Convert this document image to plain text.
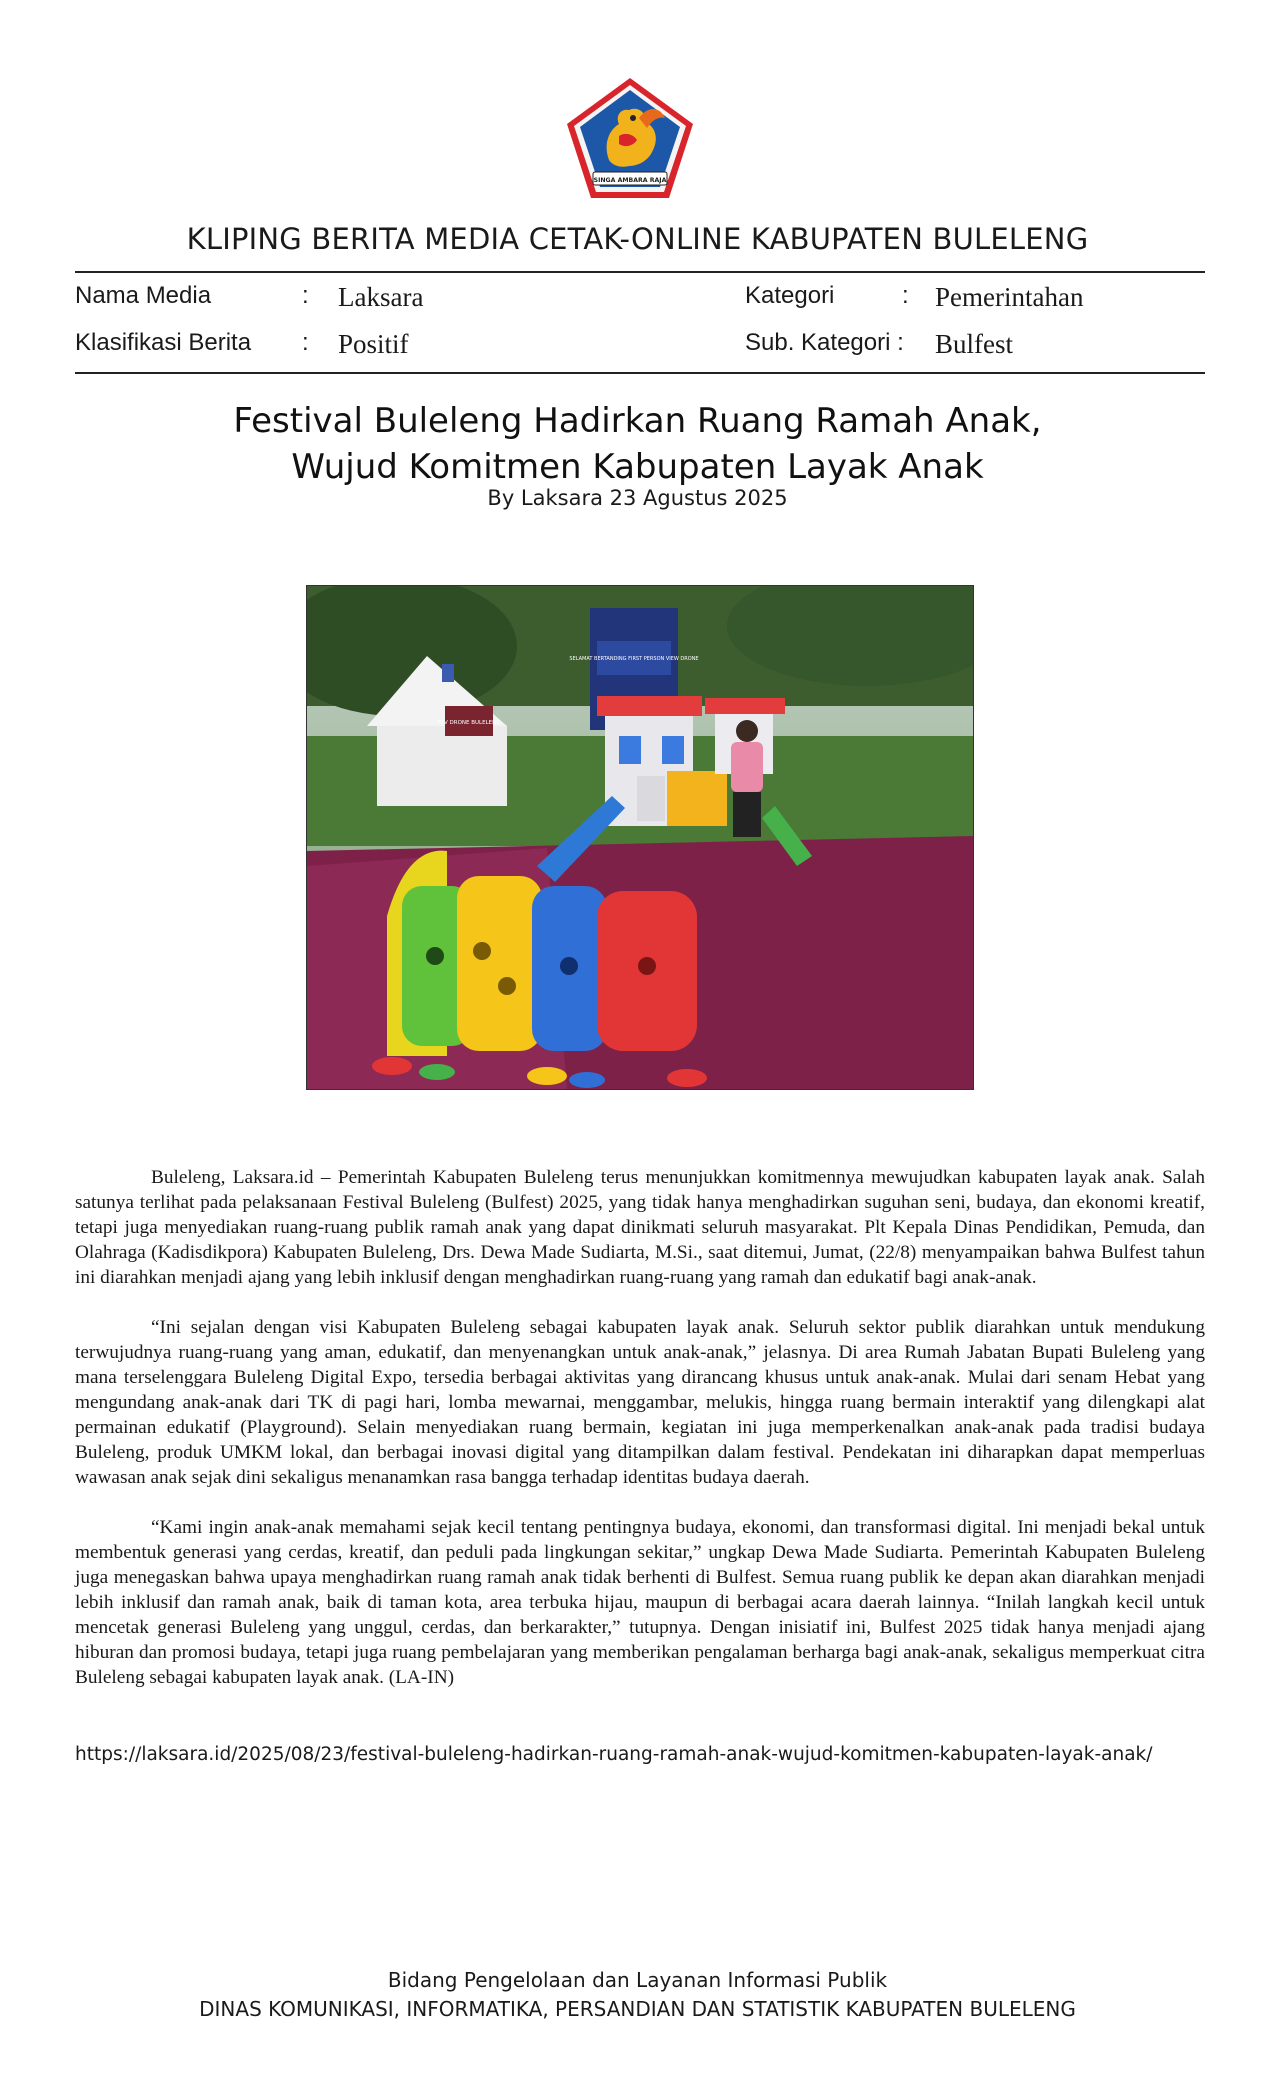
SINGA AMBARA RAJA
KLIPING BERITA MEDIA CETAK-ONLINE KABUPATEN BULELENG
Nama Media	: Laksara
Klasifikasi Berita : Positif
Kategori	: Pemerintahan
Sub. Kategori : Bulfest
Festival Buleleng Hadirkan Ruang Ramah Anak,
Wujud Komitmen Kabupaten Layak Anak
By Laksara 23 Agustus 2025
FPV DRONE BULELENG
SELAMAT BERTANDING FIRST PERSON VIEW DRONE

Buleleng, Laksara.id – Pemerintah Kabupaten Buleleng terus menunjukkan komitmennya mewujudkan kabupaten layak anak. Salah satunya terlihat pada pelaksanaan Festival Buleleng (Bulfest) 2025, yang tidak hanya menghadirkan suguhan seni, budaya, dan ekonomi kreatif, tetapi juga menyediakan ruang-ruang publik ramah anak yang dapat dinikmati seluruh masyarakat. Plt Kepala Dinas Pendidikan, Pemuda, dan Olahraga (Kadisdikpora) Kabupaten Buleleng, Drs. Dewa Made Sudiarta, M.Si., saat ditemui, Jumat, (22/8) menyampaikan bahwa Bulfest tahun ini diarahkan menjadi ajang yang lebih inklusif dengan menghadirkan ruang-ruang yang ramah dan edukatif bagi anak-anak.

“Ini sejalan dengan visi Kabupaten Buleleng sebagai kabupaten layak anak. Seluruh sektor publik diarahkan untuk mendukung terwujudnya ruang-ruang yang aman, edukatif, dan menyenangkan untuk anak-anak,” jelasnya. Di area Rumah Jabatan Bupati Buleleng yang mana terselenggara Buleleng Digital Expo, tersedia berbagai aktivitas yang dirancang khusus untuk anak-anak. Mulai dari senam Hebat yang mengundang anak-anak dari TK di pagi hari, lomba mewarnai, menggambar, melukis, hingga ruang bermain interaktif yang dilengkapi alat permainan edukatif (Playground). Selain menyediakan ruang bermain, kegiatan ini juga memperkenalkan anak-anak pada tradisi budaya Buleleng, produk UMKM lokal, dan berbagai inovasi digital yang ditampilkan dalam festival. Pendekatan ini diharapkan dapat memperluas wawasan anak sejak dini sekaligus menanamkan rasa bangga terhadap identitas budaya daerah.

“Kami ingin anak-anak memahami sejak kecil tentang pentingnya budaya, ekonomi, dan transformasi digital. Ini menjadi bekal untuk membentuk generasi yang cerdas, kreatif, dan peduli pada lingkungan sekitar,” ungkap Dewa Made Sudiarta. Pemerintah Kabupaten Buleleng juga menegaskan bahwa upaya menghadirkan ruang ramah anak tidak berhenti di Bulfest. Semua ruang publik ke depan akan diarahkan menjadi lebih inklusif dan ramah anak, baik di taman kota, area terbuka hijau, maupun di berbagai acara daerah lainnya. “Inilah langkah kecil untuk mencetak generasi Buleleng yang unggul, cerdas, dan berkarakter,” tutupnya. Dengan inisiatif ini, Bulfest 2025 tidak hanya menjadi ajang hiburan dan promosi budaya, tetapi juga ruang pembelajaran yang memberikan pengalaman berharga bagi anak-anak, sekaligus memperkuat citra Buleleng sebagai kabupaten layak anak. (LA-IN)

https://laksara.id/2025/08/23/festival-buleleng-hadirkan-ruang-ramah-anak-wujud-komitmen-kabupaten-layak-anak/
Bidang Pengelolaan dan Layanan Informasi Publik
DINAS KOMUNIKASI, INFORMATIKA, PERSANDIAN DAN STATISTIK KABUPATEN BULELENG
